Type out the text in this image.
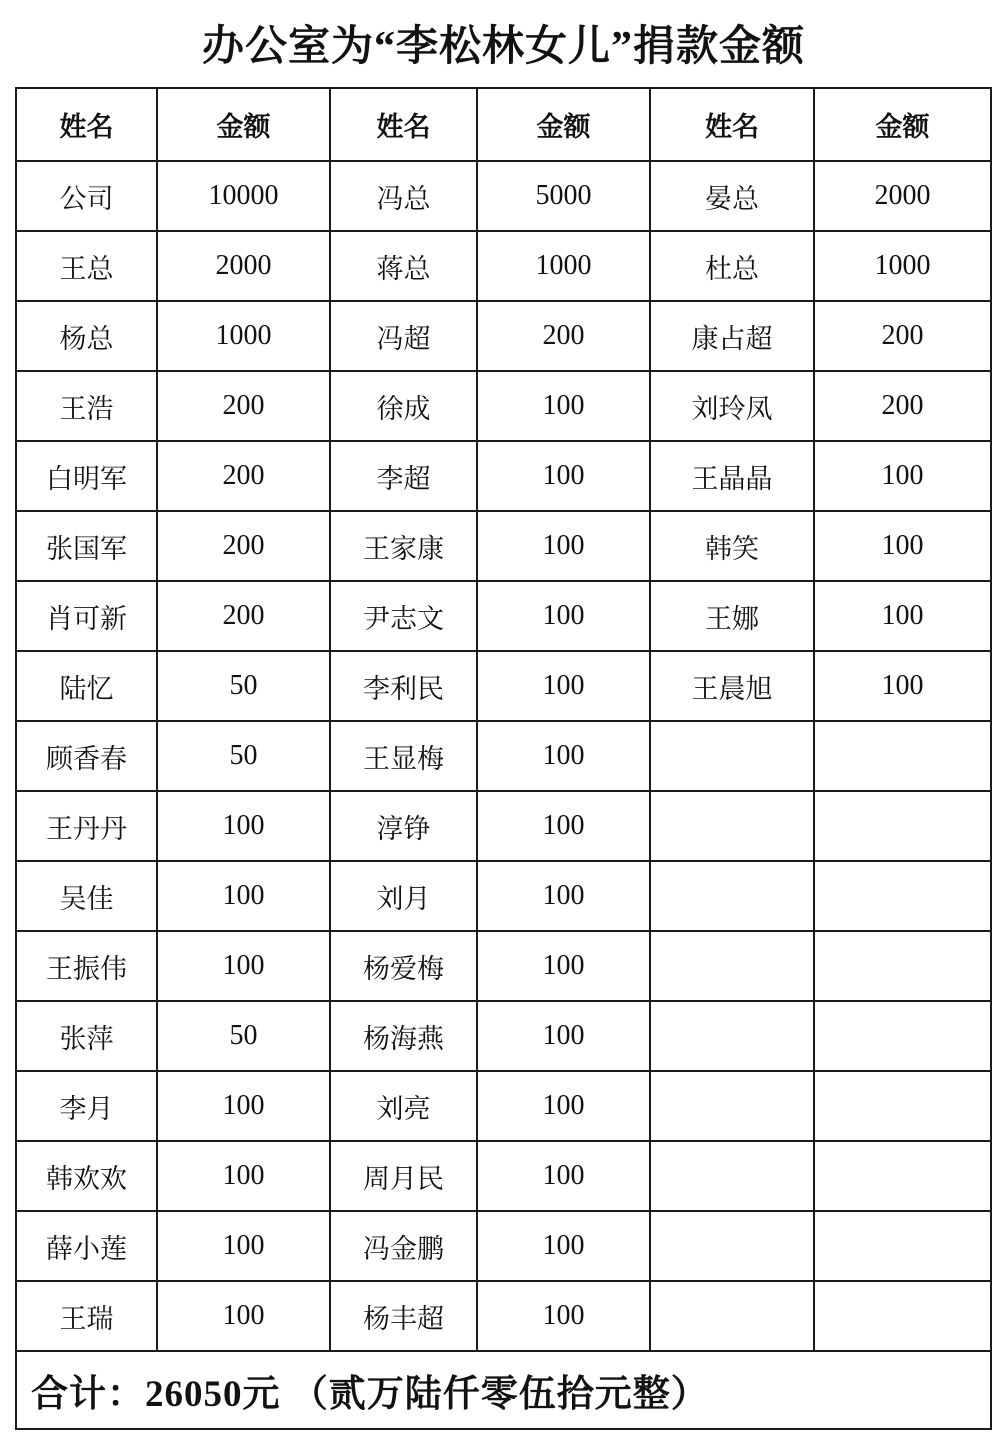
办公室为“李松林女儿”捐款金额
姓名	金额	姓名	金额	姓名	金额
公司	10000	冯总	5000	晏总	2000
王总	2000	蒋总	1000	杜总	1000
杨总	1000	冯超	200	康占超	200
王浩	200	徐成	100	刘玲凤	200
白明军	200	李超	100	王晶晶	100
张国军	200	王家康	100	韩笑	100
肖可新	200	尹志文	100	王娜	100
陆忆	50	李利民	100	王晨旭	100
顾香春	50	王显梅	100		
王丹丹	100	淳铮	100		
吴佳	100	刘月	100		
王振伟	100	杨爱梅	100		
张萍	50	杨海燕	100		
李月	100	刘亮	100		
韩欢欢	100	周月民	100		
薛小莲	100	冯金鹏	100		
王瑞	100	杨丰超	100		
合计：26050元 （贰万陆仟零伍拾元整）					
